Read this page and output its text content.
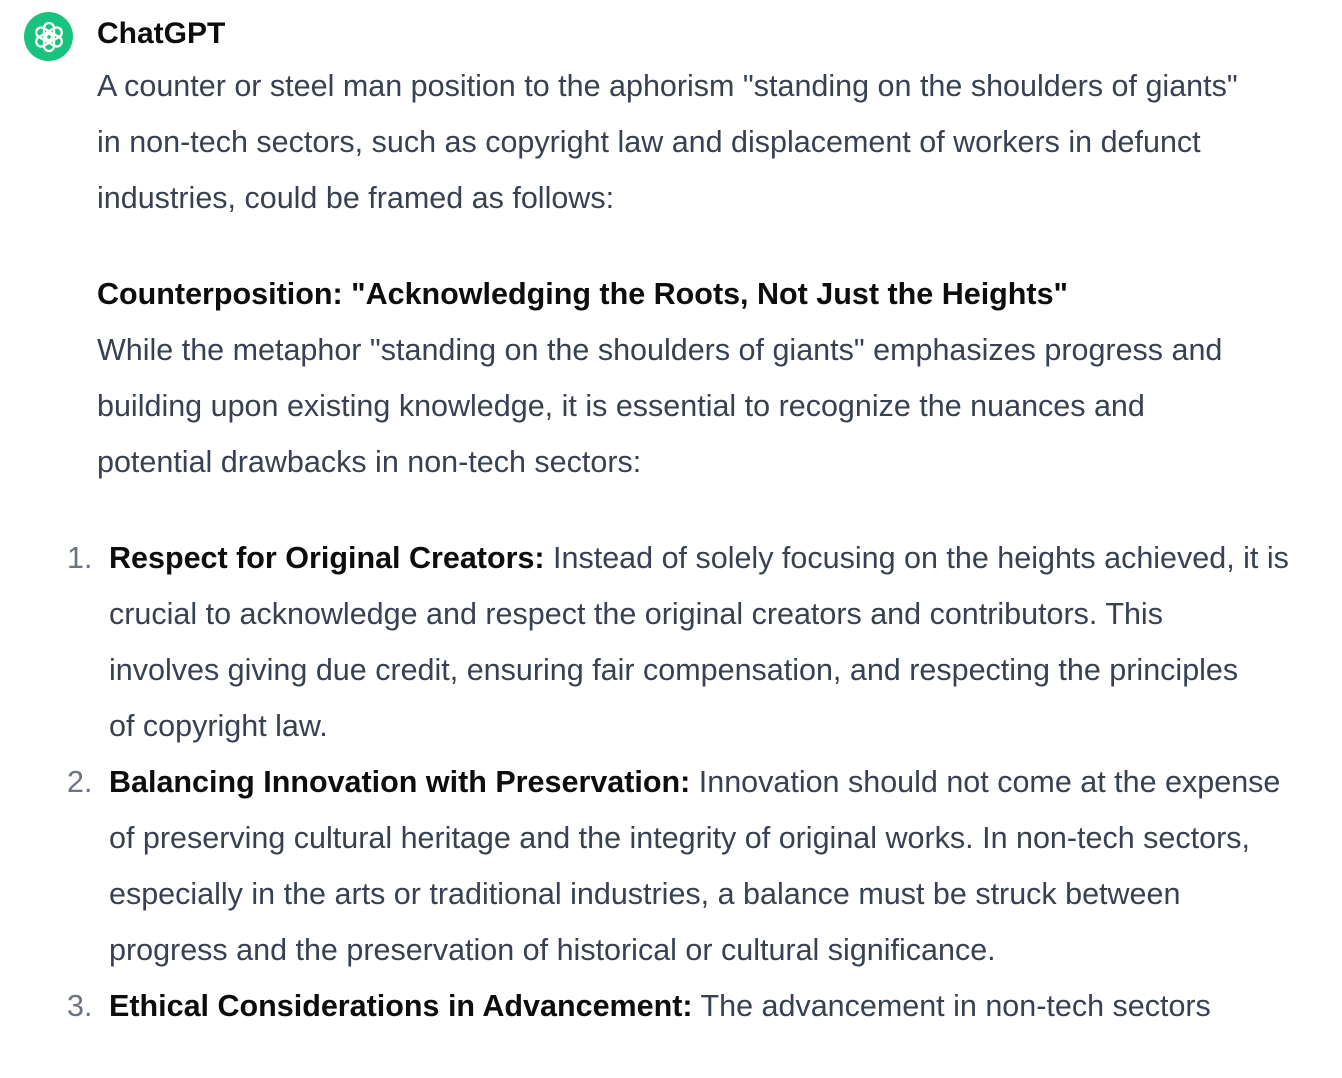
ChatGPT

A counter or steel man position to the aphorism "standing on the shoulders of giants"
in non-tech sectors, such as copyright law and displacement of workers in defunct
industries, could be framed as follows:

Counterposition: "Acknowledging the Roots, Not Just the Heights"

While the metaphor "standing on the shoulders of giants" emphasizes progress and
building upon existing knowledge, it is essential to recognize the nuances and
potential drawbacks in non-tech sectors:

1. Respect for Original Creators: Instead of solely focusing on the heights achieved, it is
crucial to acknowledge and respect the original creators and contributors. This
involves giving due credit, ensuring fair compensation, and respecting the principles
of copyright law.
2. Balancing Innovation with Preservation: Innovation should not come at the expense
of preserving cultural heritage and the integrity of original works. In non-tech sectors,
especially in the arts or traditional industries, a balance must be struck between
progress and the preservation of historical or cultural significance.
3. Ethical Considerations in Advancement: The advancement in non-tech sectors
